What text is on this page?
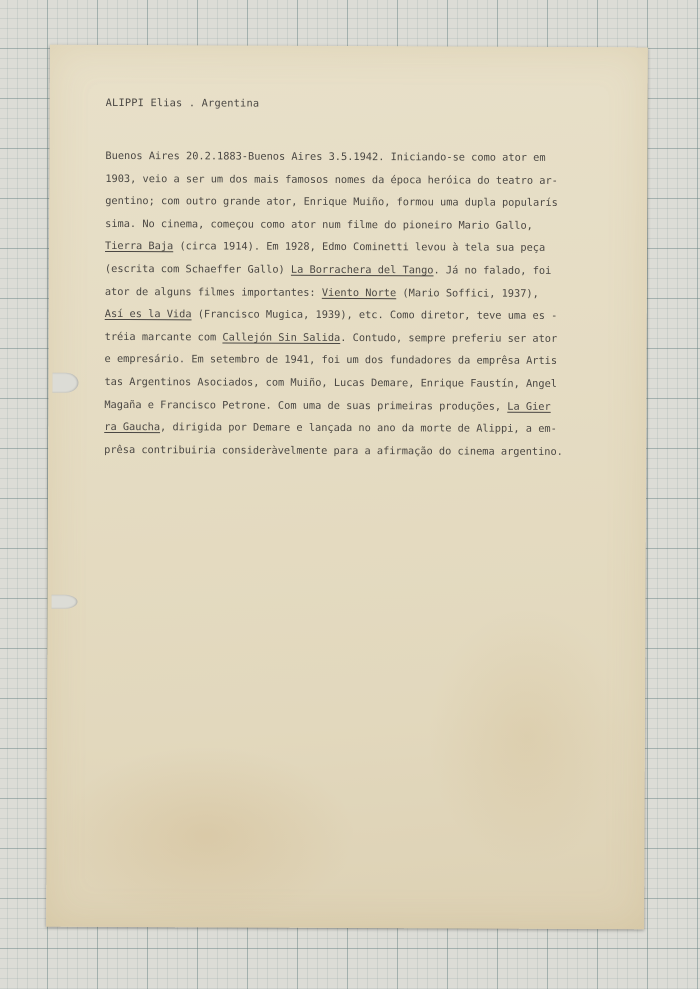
ALIPPI Elias . Argentina
Buenos Aires 20.2.1883-Buenos Aires 3.5.1942. Iniciando-se como ator em
1903, veio a ser um dos mais famosos nomes da época heróica do teatro ar-
gentino; com outro grande ator, Enrique Muiño, formou uma dupla popularís
sima. No cinema, começou como ator num filme do pioneiro Mario Gallo,
Tierra Baja (circa 1914). Em 1928, Edmo Cominetti levou à tela sua peça
(escrita com Schaeffer Gallo) La Borrachera del Tango. Já no falado, foi
ator de alguns filmes importantes: Viento Norte (Mario Soffici, 1937),
Así es la Vida (Francisco Mugica, 1939), etc. Como diretor, teve uma es -
tréia marcante com Callejón Sin Salida. Contudo, sempre preferiu ser ator
e empresário. Em setembro de 1941, foi um dos fundadores da emprêsa Artis
tas Argentinos Asociados, com Muiño, Lucas Demare, Enrique Faustín, Angel
Magaña e Francisco Petrone. Com uma de suas primeiras produções, La Gier
ra Gaucha, dirigida por Demare e lançada no ano da morte de Alippi, a em-
prêsa contribuiria consideràvelmente para a afirmação do cinema argentino.
